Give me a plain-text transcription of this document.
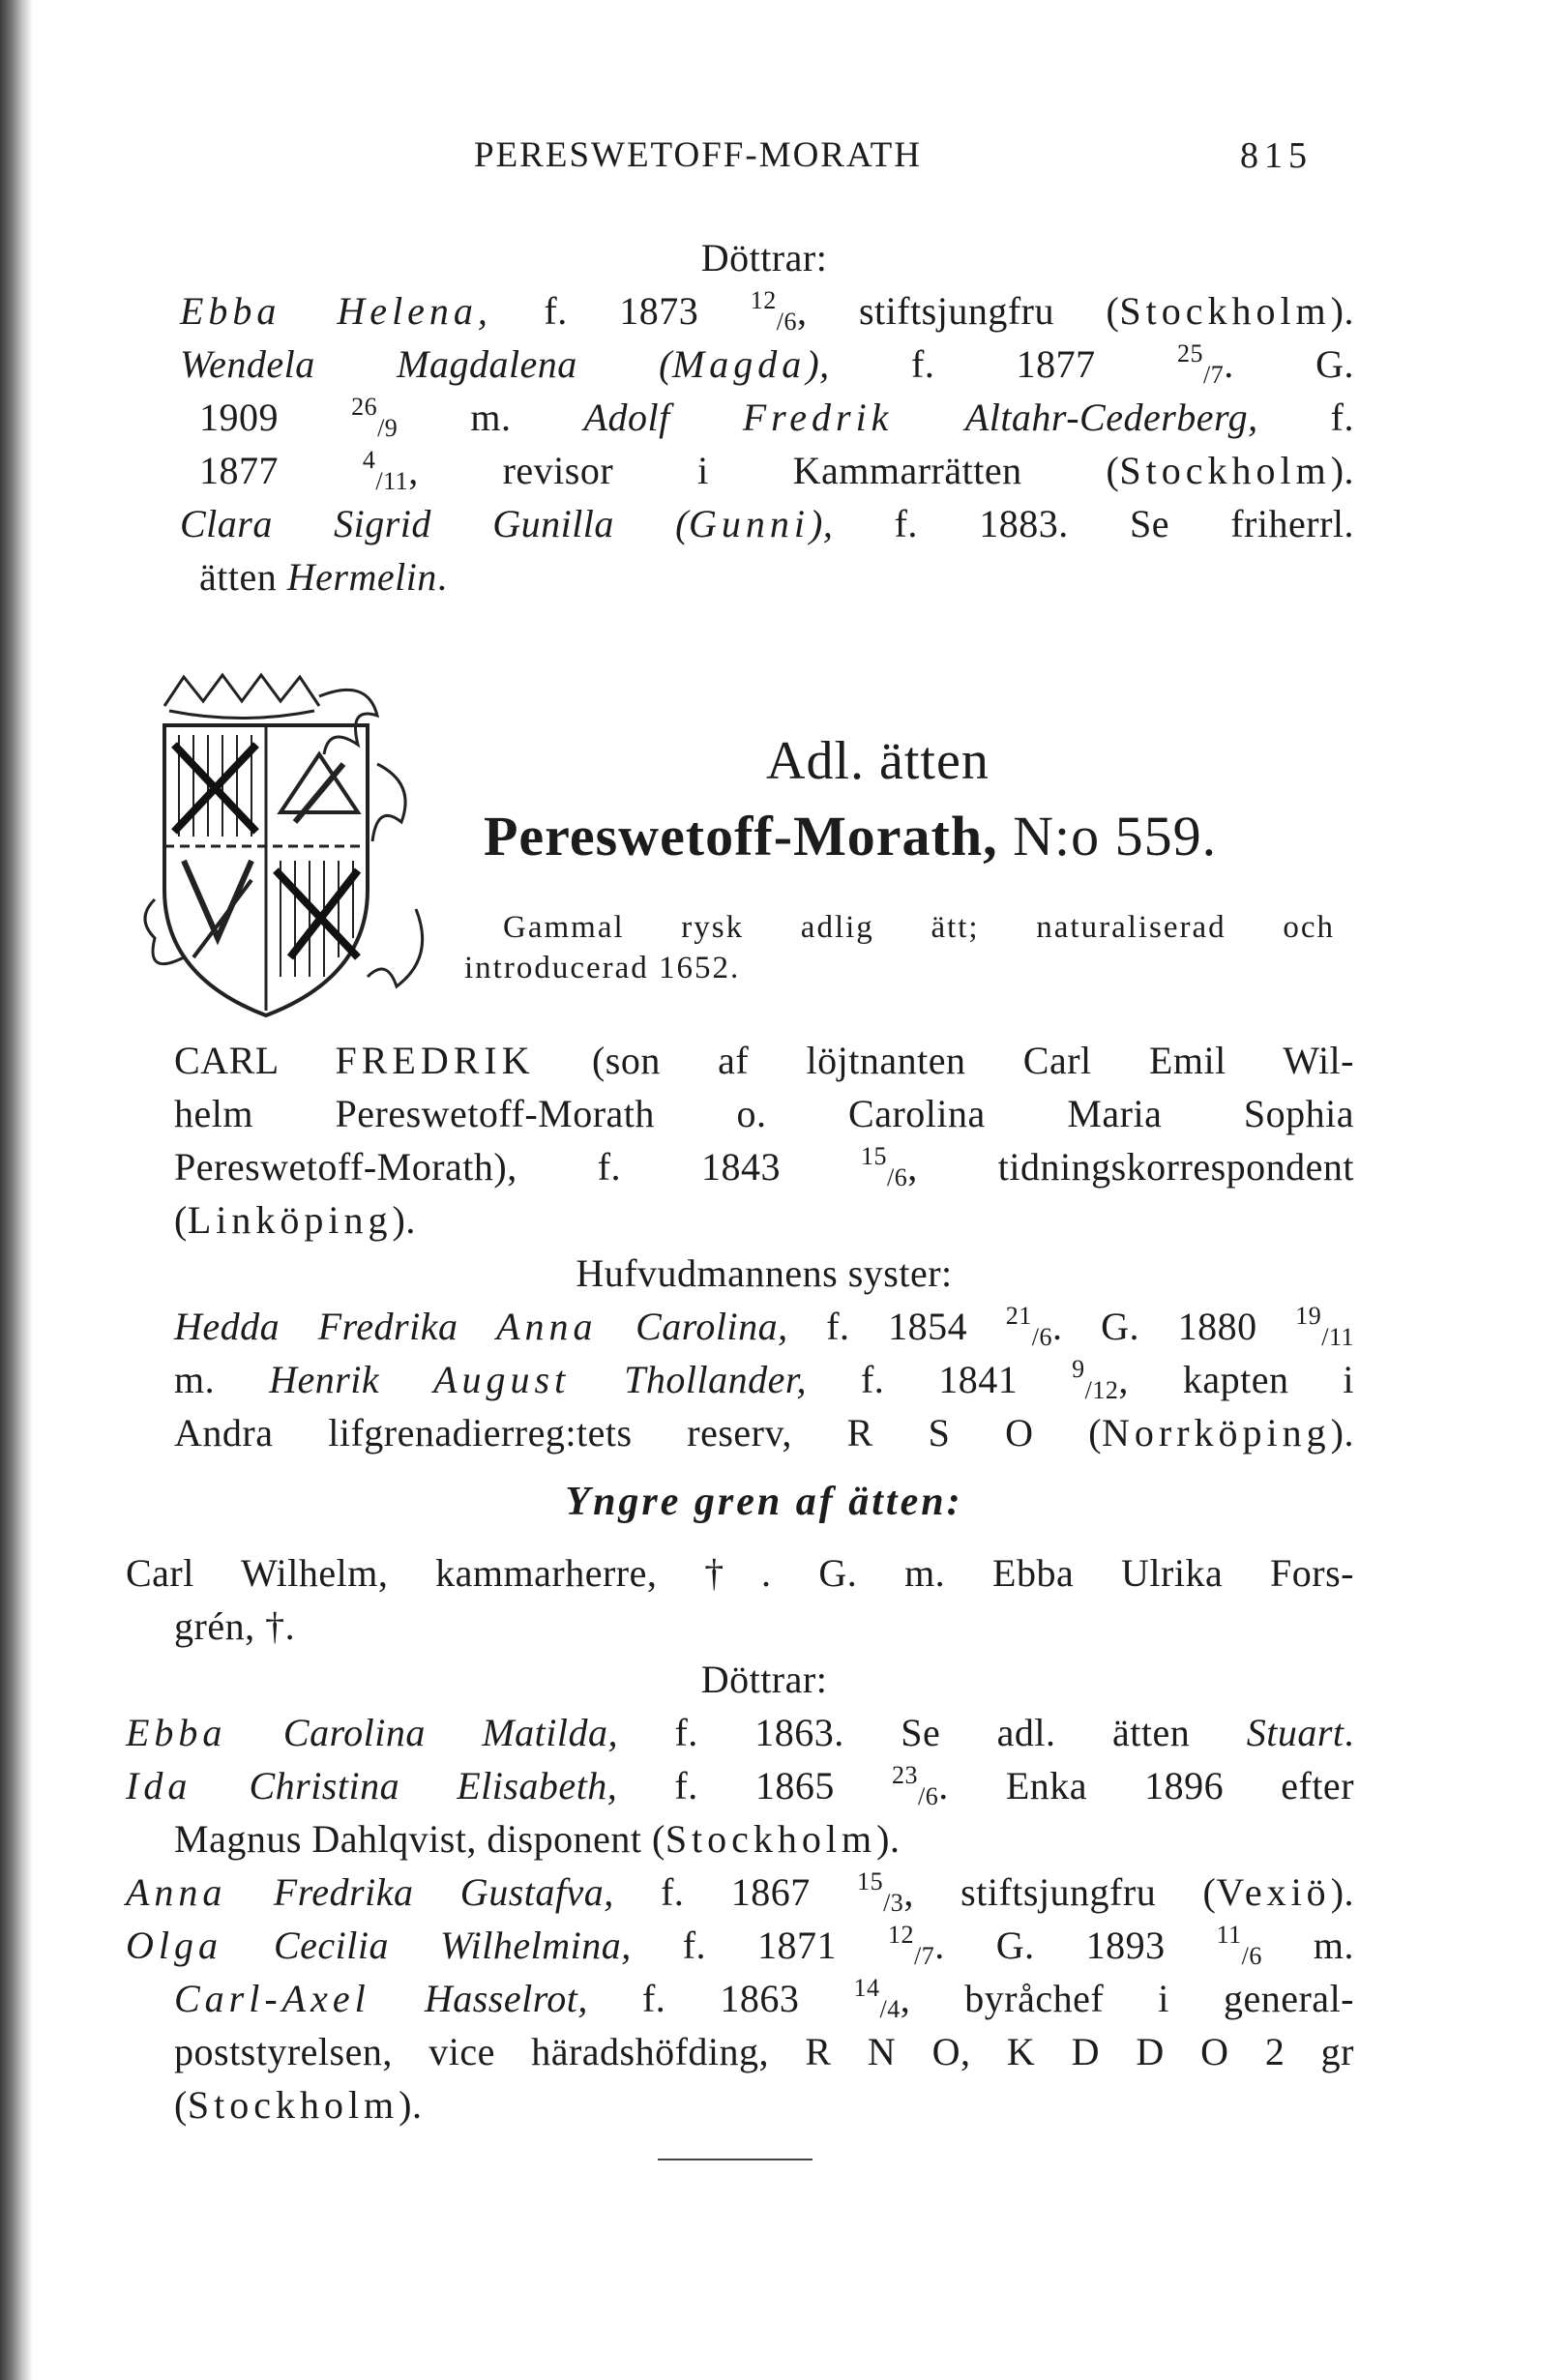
PERESWETOFF-MORATH	815
Döttrar:
Ebba Helena, f. 1873 $^{12}$/6, stiftsjungfru (Stockholm).
Wendela Magdalena (Magda), f. 1877 $^{25}$/7. G.
1909 $^{26}$/9 m. Adolf Fredrik Altahr-Cederberg, f.
1877 $^4$/11, revisor i Kammarrätten (Stockholm).
Clara Sigrid Gunilla (Gunni), f. 1883. Se friherrl.
ätten Hermelin.
Adl. ätten
Pereswetoff-Morath, N:o 559.
Gammal rysk adlig ätt; naturaliserad och
introducerad 1652.
CARL FREDRIK (son af löjtnanten Carl Emil Wil-
helm Pereswetoff-Morath o. Carolina Maria Sophia
Pereswetoff-Morath), f. 1843 $^{15}$/6, tidningskorrespondent
(Linköping).
Hufvudmannens syster:
Hedda Fredrika Anna Carolina, f. 1854 $^{21}$/6. G. 1880 $^{19}$/11
m. Henrik August Thollander, f. 1841 $^9$/12, kapten i
Andra lifgrenadierreg:tets reserv, R S O (Norrköping).
Yngre gren af ätten:
Carl Wilhelm, kammarherre, †. G. m. Ebba Ulrika Fors-
grén, †.
Döttrar:
Ebba Carolina Matilda, f. 1863. Se adl. ätten Stuart.
Ida Christina Elisabeth, f. 1865 $^{23}$/6. Enka 1896 efter
Magnus Dahlqvist, disponent (Stockholm).
Anna Fredrika Gustafva, f. 1867 $^{15}$/3, stiftsjungfru (Vexiö).
Olga Cecilia Wilhelmina, f. 1871 $^{12}$/7. G. 1893 $^{11}$/6 m.
Carl-Axel Hasselrot, f. 1863 $^{14}$/4, byråchef i general-
poststyrelsen, vice häradshöfding, R N O, K D D O 2 gr
(Stockholm).
